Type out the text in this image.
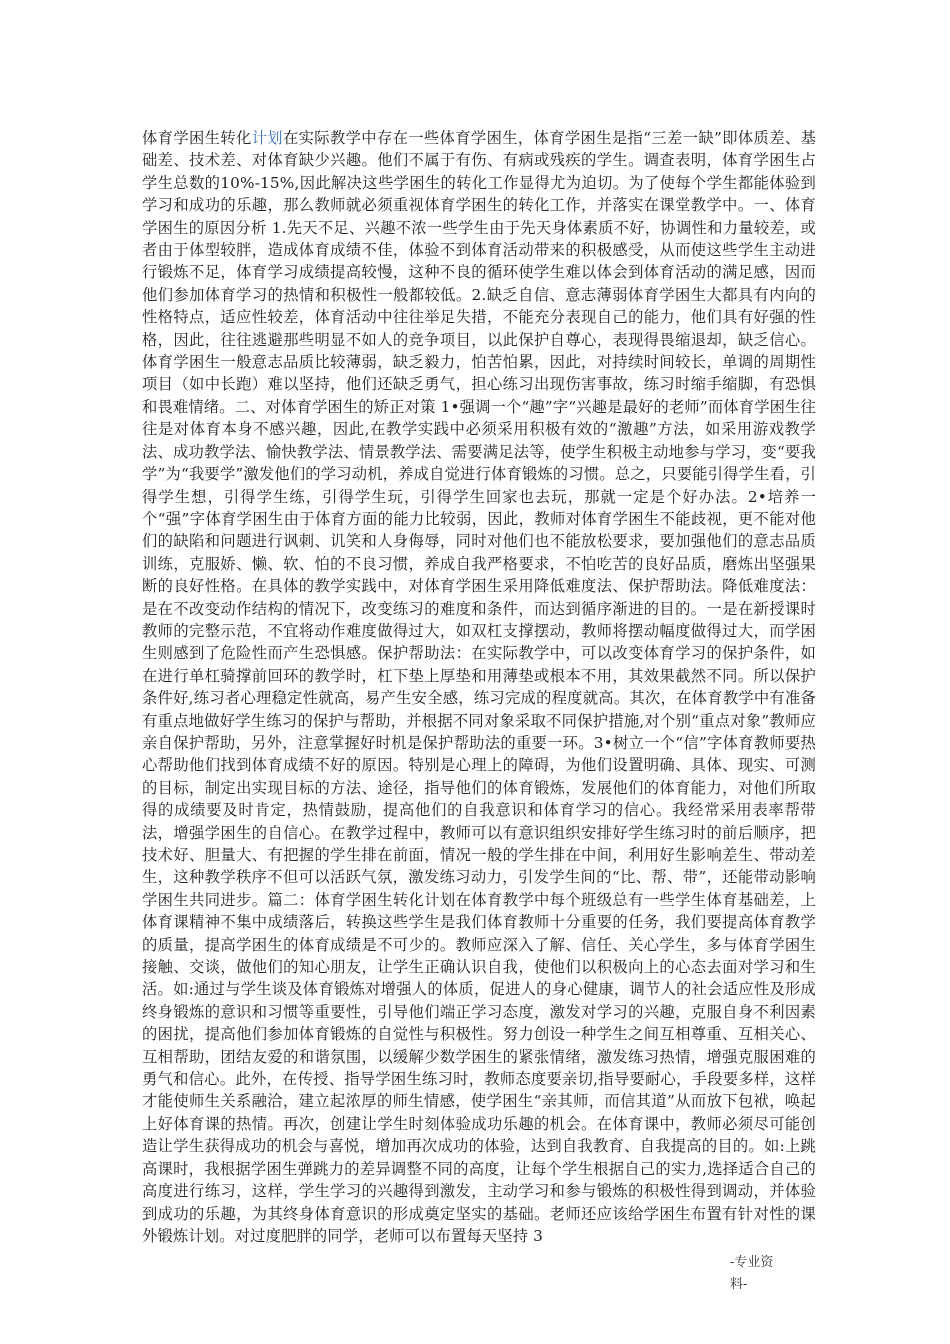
体育学困生转化计划在实际教学中存在一些体育学困生，体育学困生是指“三差一缺”即体质差、基础差、技术差、对体育缺少兴趣。他们不属于有伤、有病或残疾的学生。调查表明，体育学困生占学生总数的10%-15%,因此解决这些学困生的转化工作显得尤为迫切。为了使每个学生都能体验到学习和成功的乐趣，那么教师就必须重视体育学困生的转化工作，并落实在课堂教学中。一、体育学困生的原因分析 1.先天不足、兴趣不浓一些学生由于先天身体素质不好，协调性和力量较差，或者由于体型较胖，造成体育成绩不佳，体验不到体育活动带来的积极感受，从而使这些学生主动进行锻炼不足，体育学习成绩提高较慢，这种不良的循环使学生难以体会到体育活动的满足感，因而他们参加体育学习的热情和积极性一般都较低。2.缺乏自信、意志薄弱体育学困生大都具有内向的性格特点，适应性较差，体育活动中往往举足失措，不能充分表现自己的能力，他们具有好强的性格，因此，往往逃避那些明显不如人的竞争项目，以此保护自尊心，表现得畏缩退却，缺乏信心。体育学困生一般意志品质比较薄弱，缺乏毅力，怕苦怕累，因此，对持续时间较长，单调的周期性项目（如中长跑）难以坚持，他们还缺乏勇气，担心练习出现伤害事故，练习时缩手缩脚，有恐惧和畏难情绪。二、对体育学困生的矫正对策 1•强调一个“趣”字“兴趣是最好的老师”而体育学困生往往是对体育本身不感兴趣，因此,在教学实践中必须采用积极有效的“激趣”方法，如采用游戏教学法、成功教学法、愉快教学法、情景教学法、需要满足法等，使学生积极主动地参与学习，变“要我学”为“我要学”激发他们的学习动机，养成自觉进行体育锻炼的习惯。总之，只要能引得学生看，引得学生想，引得学生练，引得学生玩，引得学生回家也去玩，那就一定是个好办法。2•培养一个“强”字体育学困生由于体育方面的能力比较弱，因此，教师对体育学困生不能歧视，更不能对他们的缺陷和问题进行讽刺、讥笑和人身侮辱，同时对他们也不能放松要求，要加强他们的意志品质训练，克服娇、懒、软、怕的不良习惯，养成自我严格要求，不怕吃苦的良好品质，磨炼出坚强果断的良好性格。在具体的教学实践中，对体育学困生采用降低难度法、保护帮助法。降低难度法：是在不改变动作结构的情况下，改变练习的难度和条件，而达到循序渐进的目的。一是在新授课时教师的完整示范，不宜将动作难度做得过大，如双杠支撑摆动，教师将摆动幅度做得过大，而学困生则感到了危险性而产生恐惧感。保护帮助法：在实际教学中，可以改变体育学习的保护条件，如在进行单杠骑撑前回环的教学时，杠下垫上厚垫和用薄垫或根本不用，其效果截然不同。所以保护条件好,练习者心理稳定性就高，易产生安全感，练习完成的程度就高。其次，在体育教学中有准备有重点地做好学生练习的保护与帮助，并根据不同对象采取不同保护措施,对个别“重点对象”教师应亲自保护帮助，另外，注意掌握好时机是保护帮助法的重要一环。3•树立一个“信”字体育教师要热心帮助他们找到体育成绩不好的原因。特别是心理上的障碍，为他们设置明确、具体、现实、可测的目标，制定出实现目标的方法、途径，指导他们的体育锻炼，发展他们的体育能力，对他们所取得的成绩要及时肯定，热情鼓励，提高他们的自我意识和体育学习的信心。我经常采用表率帮带法，增强学困生的自信心。在教学过程中，教师可以有意识组织安排好学生练习时的前后顺序，把技术好、胆量大、有把握的学生排在前面，情况一般的学生排在中间，利用好生影响差生、带动差生，这种教学秩序不但可以活跃气氛，激发练习动力，引发学生间的“比、帮、带”，还能带动影响学困生共同进步。篇二：体育学困生转化计划在体育教学中每个班级总有一些学生体育基础差，上体育课精神不集中成绩落后，转换这些学生是我们体育教师十分重要的任务，我们要提高体育教学的质量，提高学困生的体育成绩是不可少的。教师应深入了解、信任、关心学生，多与体育学困生接触、交谈，做他们的知心朋友，让学生正确认识自我，使他们以积极向上的心态去面对学习和生活。如:通过与学生谈及体育锻炼对增强人的体质，促进人的身心健康，调节人的社会适应性及形成终身锻炼的意识和习惯等重要性，引导他们端正学习态度，激发对学习的兴趣，克服自身不利因素的困扰，提高他们参加体育锻炼的自觉性与积极性。努力创设一种学生之间互相尊重、互相关心、互相帮助，团结友爱的和谐氛围，以缓解少数学困生的紧张情绪，激发练习热情，增强克服困难的勇气和信心。此外，在传授、指导学困生练习时，教师态度要亲切,指导要耐心，手段要多样，这样才能使师生关系融洽，建立起浓厚的师生情感，使学困生“亲其师，而信其道”从而放下包袱，唤起上好体育课的热情。再次，创建让学生时刻体验成功乐趣的机会。在体育课中，教师必须尽可能创造让学生获得成功的机会与喜悦，增加再次成功的体验，达到自我教育、自我提高的目的。如:上跳高课时，我根据学困生弹跳力的差异调整不同的高度，让每个学生根据自己的实力,选择适合自己的高度进行练习，这样，学生学习的兴趣得到激发，主动学习和参与锻炼的积极性得到调动，并体验到成功的乐趣，为其终身体育意识的形成奠定坚实的基础。老师还应该给学困生布置有针对性的课外锻炼计划。对过度肥胖的同学，老师可以布置每天坚持 3

-专业资料-
